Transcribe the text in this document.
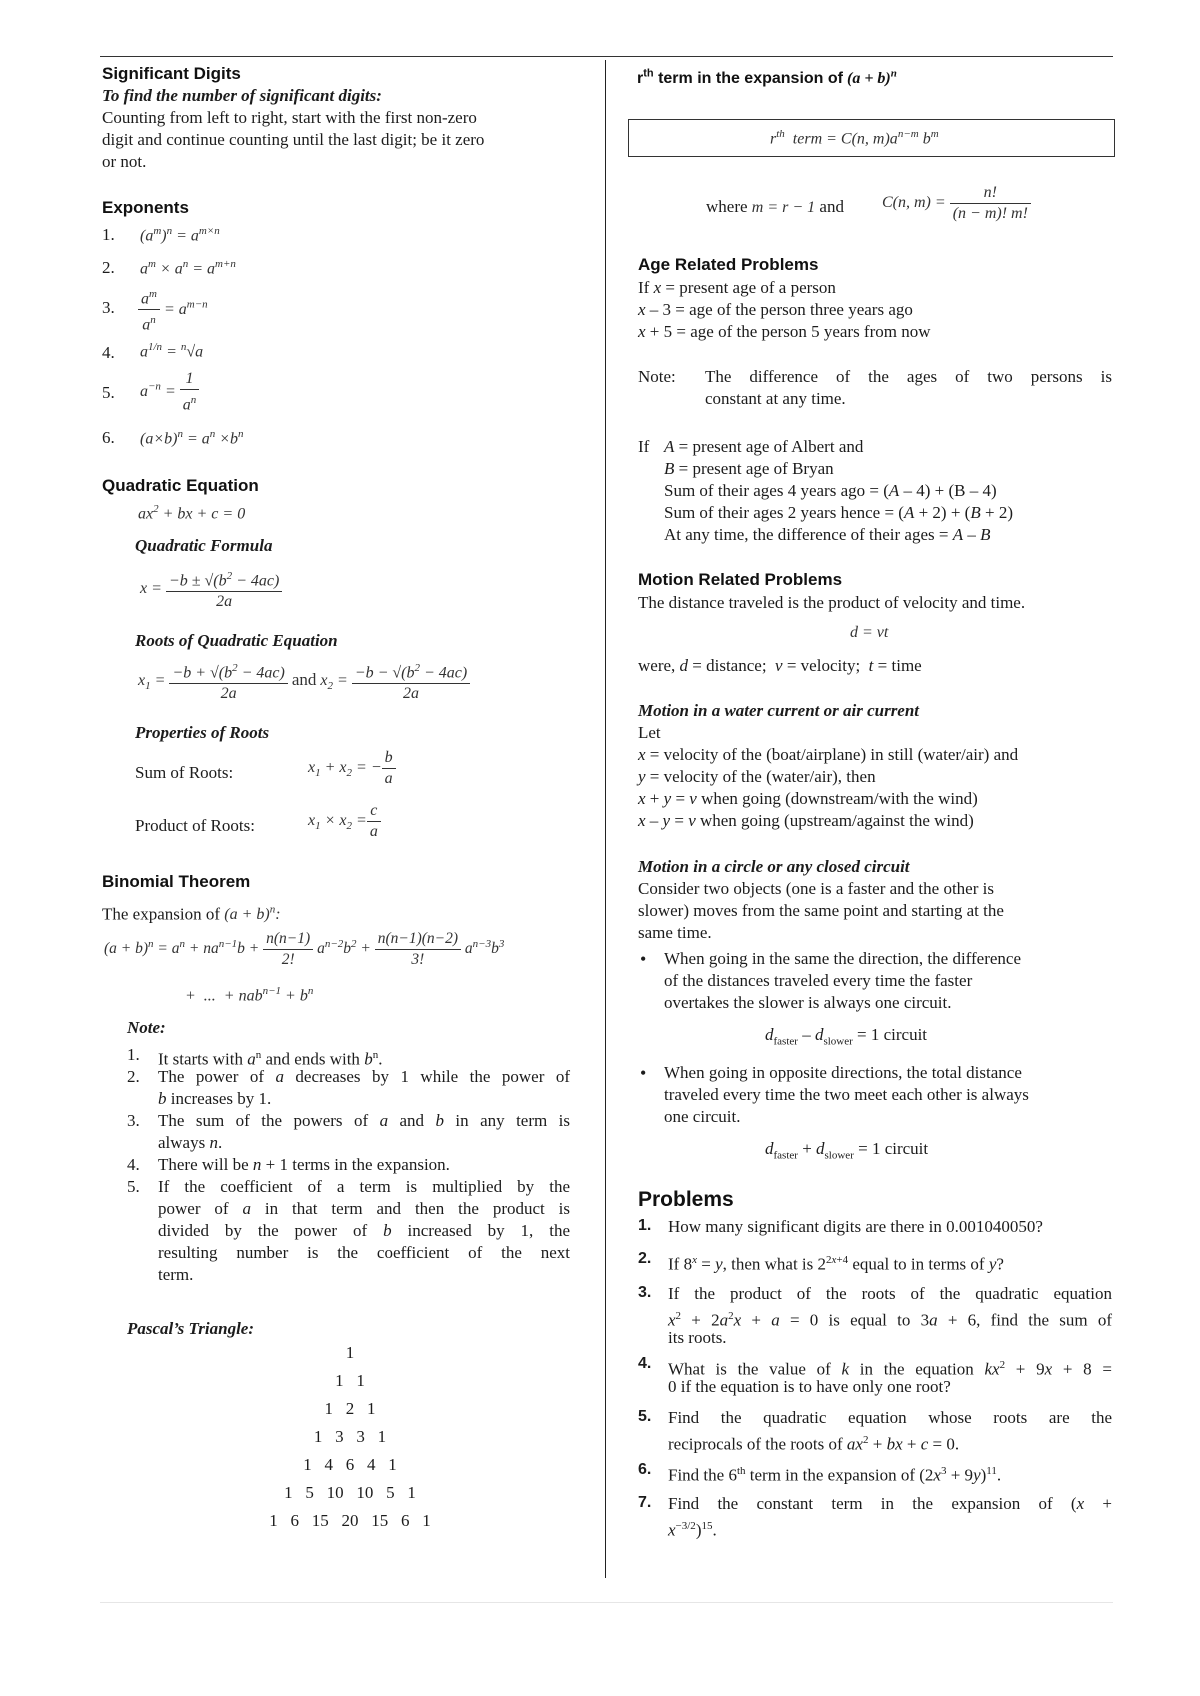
Significant Digits
To find the number of significant digits:
Counting from left to right, start with the first non-zero
digit and continue counting until the last digit; be it zero
or not.
Exponents
1. $(a^m)^n = a^{m\times n}$
2. $a^m \times a^n = a^{m+n}$
3. $\frac{a^m}{a^n} = a^{m-n}$
4. $a^{1/n} = ^n√a$
5. $a^{-n} = \frac{1}{a^n}$
6. $(a\times b)^n = a^n \times b^n$
Quadratic Equation
$ax^2$ + bx + c = 0
Quadratic Formula
$x = \frac{-b \pm √(b^2 - 4ac)}{2a}$
Roots of Quadratic Equation
$x_1 = \frac{-b + √(b^2 - 4ac)}{2a}$ and $x_2 = \frac{-b - √(b^2 - 4ac)}{2a}$
Properties of Roots
Sum of Roots:	$x_1 + x_2$ = − $\frac{b}{a}$
Product of Roots:	$x_1 \times x_2 = \frac{c}{a}$
Binomial Theorem
The expansion of $(a + b)^n$:
$(a + b)^n = a^n + na^{n-1}b + \frac{n(n-1)}{2!} a^{n-2}b^2 + \frac{n(n-1)(n-2)}{3!} a^{n-3}b^3$
+  ...  + $nab^{n-1} + b^n$
Note:
1. It starts with $a^n$ and ends with $b^n$.
2. The power of a decreases by 1 while the power of
b increases by 1.
3. The sum of the powers of a and b in any term is
always n.
4. There will be n + 1 terms in the expansion.
5. If the coefficient of a term is multiplied by the
power of a in that term and then the product is
divided by the power of b increased by 1, the
resulting number is the coefficient of the next
term.
Pascal’s Triangle:
1
1   1
1   2   1
1   3   3   1
1   4   6   4   1
1   5   10   10   5   1
1   6   15   20   15   6   1
$r^{th}$ term in the expansion of $(a + b)^n$
$r^{th}$  term = C(n, $m)a^{n-m}$ $b^m$
where m = r − 1 and C(n, $m) = \frac{n!}{(n - m)! m!}$
Age Related Problems
If x = present age of a person
x – 3 = age of the person three years ago
x + 5 = age of the person 5 years from now
Note: The difference of the ages of two persons is
constant at any time.
If A = present age of Albert and
B = present age of Bryan
Sum of their ages 4 years ago = (A – 4) + (B – 4)
Sum of their ages 2 years hence = (A + 2) + (B + 2)
At any time, the difference of their ages = A – B
Motion Related Problems
The distance traveled is the product of velocity and time.
d = vt
were, d = distance;  v = velocity;  t = time
Motion in a water current or air current
Let
x = velocity of the (boat/airplane) in still (water/air) and
y = velocity of the (water/air), then
x + y = v when going (downstream/with the wind)
x – y = v when going (upstream/against the wind)
Motion in a circle or any closed circuit
Consider two objects (one is a faster and the other is
slower) moves from the same point and starting at the
same time.
• When going in the same the direction, the difference
of the distances traveled every time the faster
overtakes the slower is always one circuit.
$d_{faster} - d_{slower} = 1$ circuit
• When going in opposite directions, the total distance
traveled every time the two meet each other is always
one circuit.
$d_{faster} + d_{slower} = 1$ circuit
Problems
1. How many significant digits are there in 0.001040050?
2. If $8^x = y$, then what is $2^{2x+4}$ equal to in terms of y?
3. If the product of the roots of the quadratic equation
$x^2 + 2a^2x + a = 0$ is equal to 3a + 6, find the sum of
its roots.
4. What is the value of k in the equation $kx^2 + 9x + 8$ =
0 if the equation is to have only one root?
5. Find the quadratic equation whose roots are the
reciprocals of the roots of $ax^2$ + bx + c = 0.
6. Find the 6th term in the expansion of $(2x^3 + 9y)^{11}$.
7. Find the constant term in the expansion of (x +
$x^{-3/2})^{15}$.
